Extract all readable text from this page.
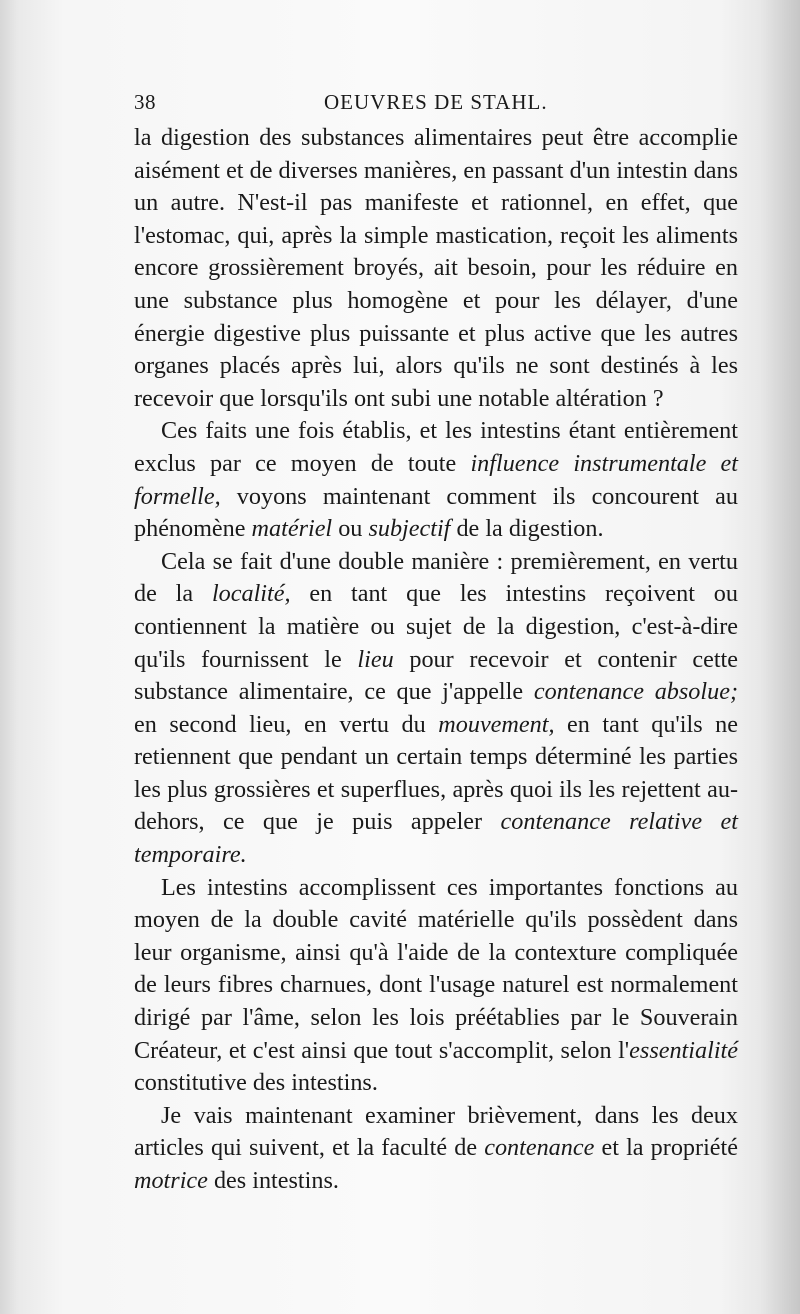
38	OEUVRES DE STAHL.

la digestion des substances alimentaires peut être accomplie aisément et de diverses manières, en passant d'un intestin dans un autre. N'est-il pas manifeste et rationnel, en effet, que l'estomac, qui, après la simple mastication, reçoit les aliments encore grossièrement broyés, ait besoin, pour les réduire en une substance plus homogène et pour les délayer, d'une énergie digestive plus puissante et plus active que les autres organes placés après lui, alors qu'ils ne sont destinés à les recevoir que lorsqu'ils ont subi une notable altération ?

Ces faits une fois établis, et les intestins étant entièrement exclus par ce moyen de toute influence instrumentale et formelle, voyons maintenant comment ils concourent au phénomène matériel ou subjectif de la digestion.

Cela se fait d'une double manière : premièrement, en vertu de la localité, en tant que les intestins reçoivent ou contiennent la matière ou sujet de la digestion, c'est-à-dire qu'ils fournissent le lieu pour recevoir et contenir cette substance alimentaire, ce que j'appelle contenance absolue; en second lieu, en vertu du mouvement, en tant qu'ils ne retiennent que pendant un certain temps déterminé les parties les plus grossières et superflues, après quoi ils les rejettent au-dehors, ce que je puis appeler contenance relative et temporaire.

Les intestins accomplissent ces importantes fonctions au moyen de la double cavité matérielle qu'ils possèdent dans leur organisme, ainsi qu'à l'aide de la contexture compliquée de leurs fibres charnues, dont l'usage naturel est normalement dirigé par l'âme, selon les lois préétablies par le Souverain Créateur, et c'est ainsi que tout s'accomplit, selon l'essentialité constitutive des intestins.

Je vais maintenant examiner brièvement, dans les deux articles qui suivent, et la faculté de contenance et la propriété motrice des intestins.
